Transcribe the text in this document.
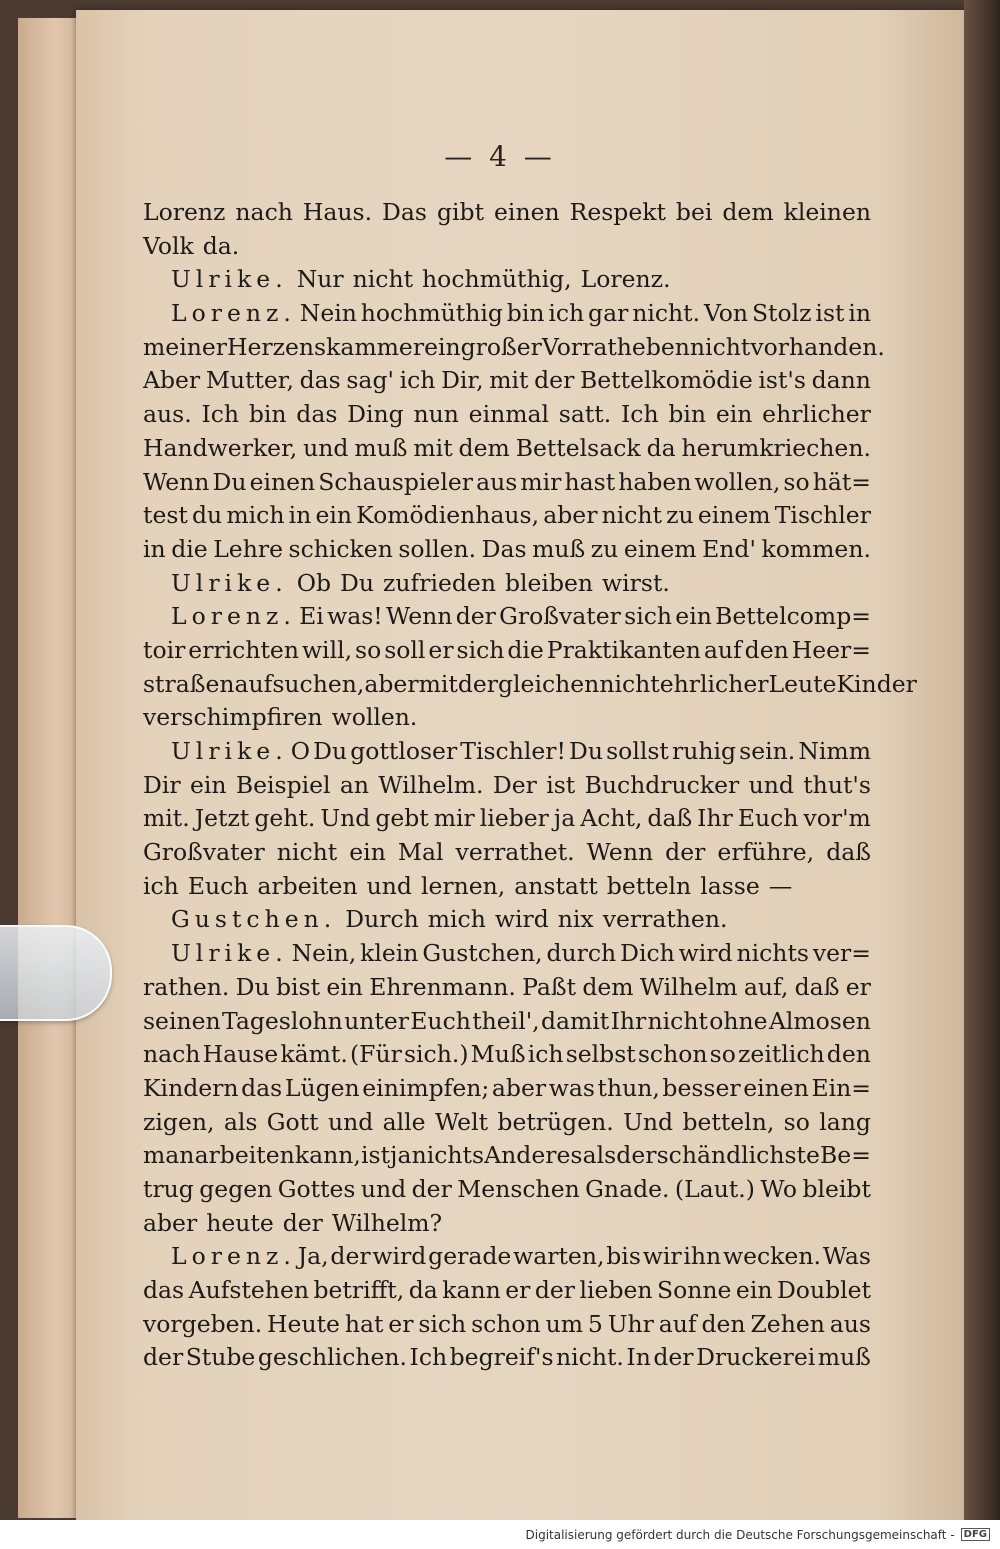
— 4 —
Lorenz nach Haus. Das gibt einen Respekt bei dem kleinen
Volk da.
Ulrike. Nur nicht hochmüthig, Lorenz.
Lorenz. Nein hochmüthig bin ich gar nicht. Von Stolz ist in
meiner Herzenskammer ein großer Vorrath eben nicht vorhanden.
Aber Mutter, das sag' ich Dir, mit der Bettelkomödie ist's dann
aus. Ich bin das Ding nun einmal satt. Ich bin ein ehrlicher
Handwerker, und muß mit dem Bettelsack da herumkriechen.
Wenn Du einen Schauspieler aus mir hast haben wollen, so hät=
test du mich in ein Komödienhaus, aber nicht zu einem Tischler
in die Lehre schicken sollen. Das muß zu einem End' kommen.
Ulrike. Ob Du zufrieden bleiben wirst.
Lorenz. Ei was! Wenn der Großvater sich ein Bettelcomp=
toir errichten will, so soll er sich die Praktikanten auf den Heer=
straßen aufsuchen, aber mit dergleichen nicht ehrlicher Leute Kinder
verschimpfiren wollen.
Ulrike. O Du gottloser Tischler! Du sollst ruhig sein. Nimm
Dir ein Beispiel an Wilhelm. Der ist Buchdrucker und thut's
mit. Jetzt geht. Und gebt mir lieber ja Acht, daß Ihr Euch vor'm
Großvater nicht ein Mal verrathet. Wenn der erführe, daß
ich Euch arbeiten und lernen, anstatt betteln lasse —
Gustchen. Durch mich wird nix verrathen.
Ulrike. Nein, klein Gustchen, durch Dich wird nichts ver=
rathen. Du bist ein Ehrenmann. Paßt dem Wilhelm auf, daß er
seinen Tageslohn unter Euch theil', damit Ihr nicht ohne Almosen
nach Hause kämt. (Für sich.) Muß ich selbst schon so zeitlich den
Kindern das Lügen einimpfen; aber was thun, besser einen Ein=
zigen, als Gott und alle Welt betrügen. Und betteln, so lang
man arbeiten kann, ist ja nichts Anderes als der schändlichste Be=
trug gegen Gottes und der Menschen Gnade. (Laut.) Wo bleibt
aber heute der Wilhelm?
Lorenz. Ja, der wird gerade warten, bis wir ihn wecken. Was
das Aufstehen betrifft, da kann er der lieben Sonne ein Doublet
vorgeben. Heute hat er sich schon um 5 Uhr auf den Zehen aus
der Stube geschlichen. Ich begreif's nicht. In der Druckerei muß
Digitalisierung gefördert durch die Deutsche Forschungsgemeinschaft - DFG
